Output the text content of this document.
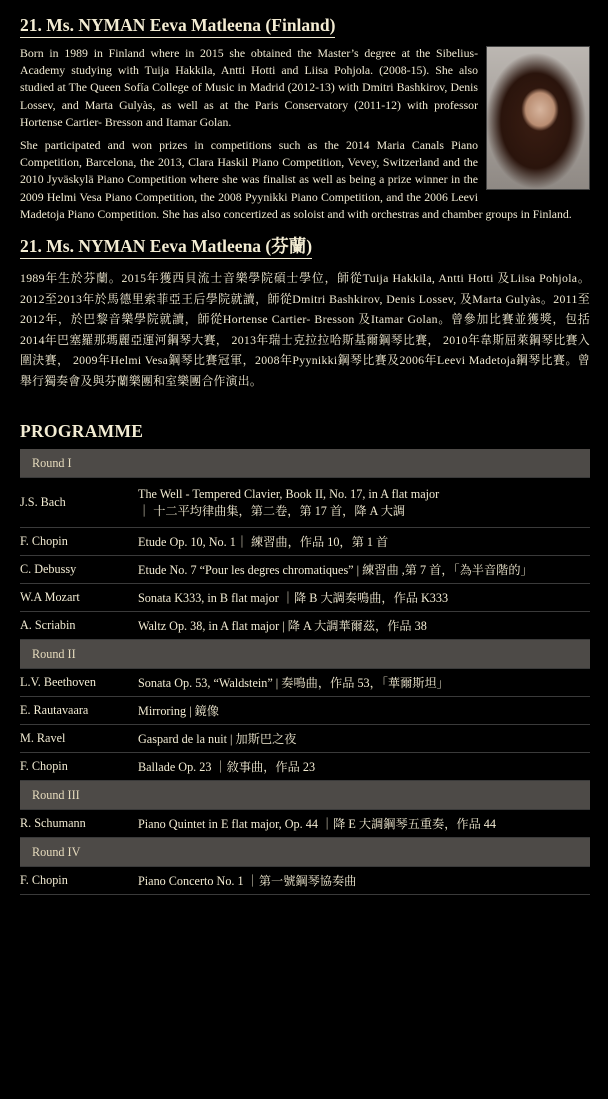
21. Ms. NYMAN Eeva Matleena (Finland)

Born in 1989 in Finland where in 2015 she obtained the Master’s degree at the Sibelius- Academy studying with Tuija Hakkila, Antti Hotti and Liisa Pohjola. (2008-15). She also studied at The Queen Sofía College of Music in Madrid (2012-13) with Dmitri Bashkirov, Denis Lossev, and Marta Gulyàs, as well as at the Paris Conservatory (2011-12) with professor Hortense Cartier- Bresson and Itamar Golan.

She participated and won prizes in competitions such as the 2014 Maria Canals Piano Competition, Barcelona, the 2013, Clara Haskil Piano Competition, Vevey, Switzerland and the 2010 Jyväskylä Piano Competition where she was finalist as well as being a prize winner in the 2009 Helmi Vesa Piano Competition, the 2008 Pyynikki Piano Competition, and the 2006 Leevi Madetoja Piano Competition. She has also concertized as soloist and with orchestras and chamber groups in Finland.

21. Ms. NYMAN Eeva Matleena (芬蘭)

1989年生於芬蘭。2015年獲西貝流士音樂學院碩士學位，師從Tuija Hakkila, Antti Hotti 及Liisa Pohjola。2012至2013年於馬德里索菲亞王后學院就讀，師從Dmitri Bashkirov, Denis Lossev, 及Marta Gulyàs。2011至2012年，於巴黎音樂學院就讀，師從Hortense Cartier- Bresson 及Itamar Golan。曾參加比賽並獲獎，包括2014年巴塞羅那瑪麗亞運河鋼琴大賽， 2013年瑞士克拉拉哈斯基爾鋼琴比賽， 2010年韋斯屈萊鋼琴比賽入圍決賽， 2009年Helmi Vesa鋼琴比賽冠軍，2008年Pyynikki鋼琴比賽及2006年Leevi Madetoja鋼琴比賽。曾舉行獨奏會及與芬蘭樂團和室樂團合作演出。

PROGRAMME
Round I	
J.S. Bach	The Well - Tempered Clavier, Book II, No. 17, in A flat major
｜ 十二平均律曲集，第二卷，第 17 首，降 A 大調

F. Chopin	Etude Op. 10, No. 1｜ 練習曲，作品 10，第 1 首
C. Debussy	Etude No. 7 “Pour les degres chromatiques” | 練習曲 ,第 7 首，「為半音階的」
W.A Mozart	Sonata K333, in B flat major ｜降 B 大調奏鳴曲，作品 K333
A. Scriabin	Waltz Op. 38, in A flat major | 降 A 大調華爾茲，作品 38
Round II	
L.V. Beethoven	Sonata Op. 53, “Waldstein” | 奏鳴曲，作品 53，「華爾斯坦」
E. Rautavaara	Mirroring | 鏡像
M. Ravel	Gaspard de la nuit | 加斯巴之夜
F. Chopin	Ballade Op. 23 ｜敘事曲，作品 23
Round III	
R. Schumann	Piano Quintet in E flat major, Op. 44 ｜降 E 大調鋼琴五重奏，作品 44
Round IV	
F. Chopin	Piano Concerto No. 1 ｜第一號鋼琴協奏曲
